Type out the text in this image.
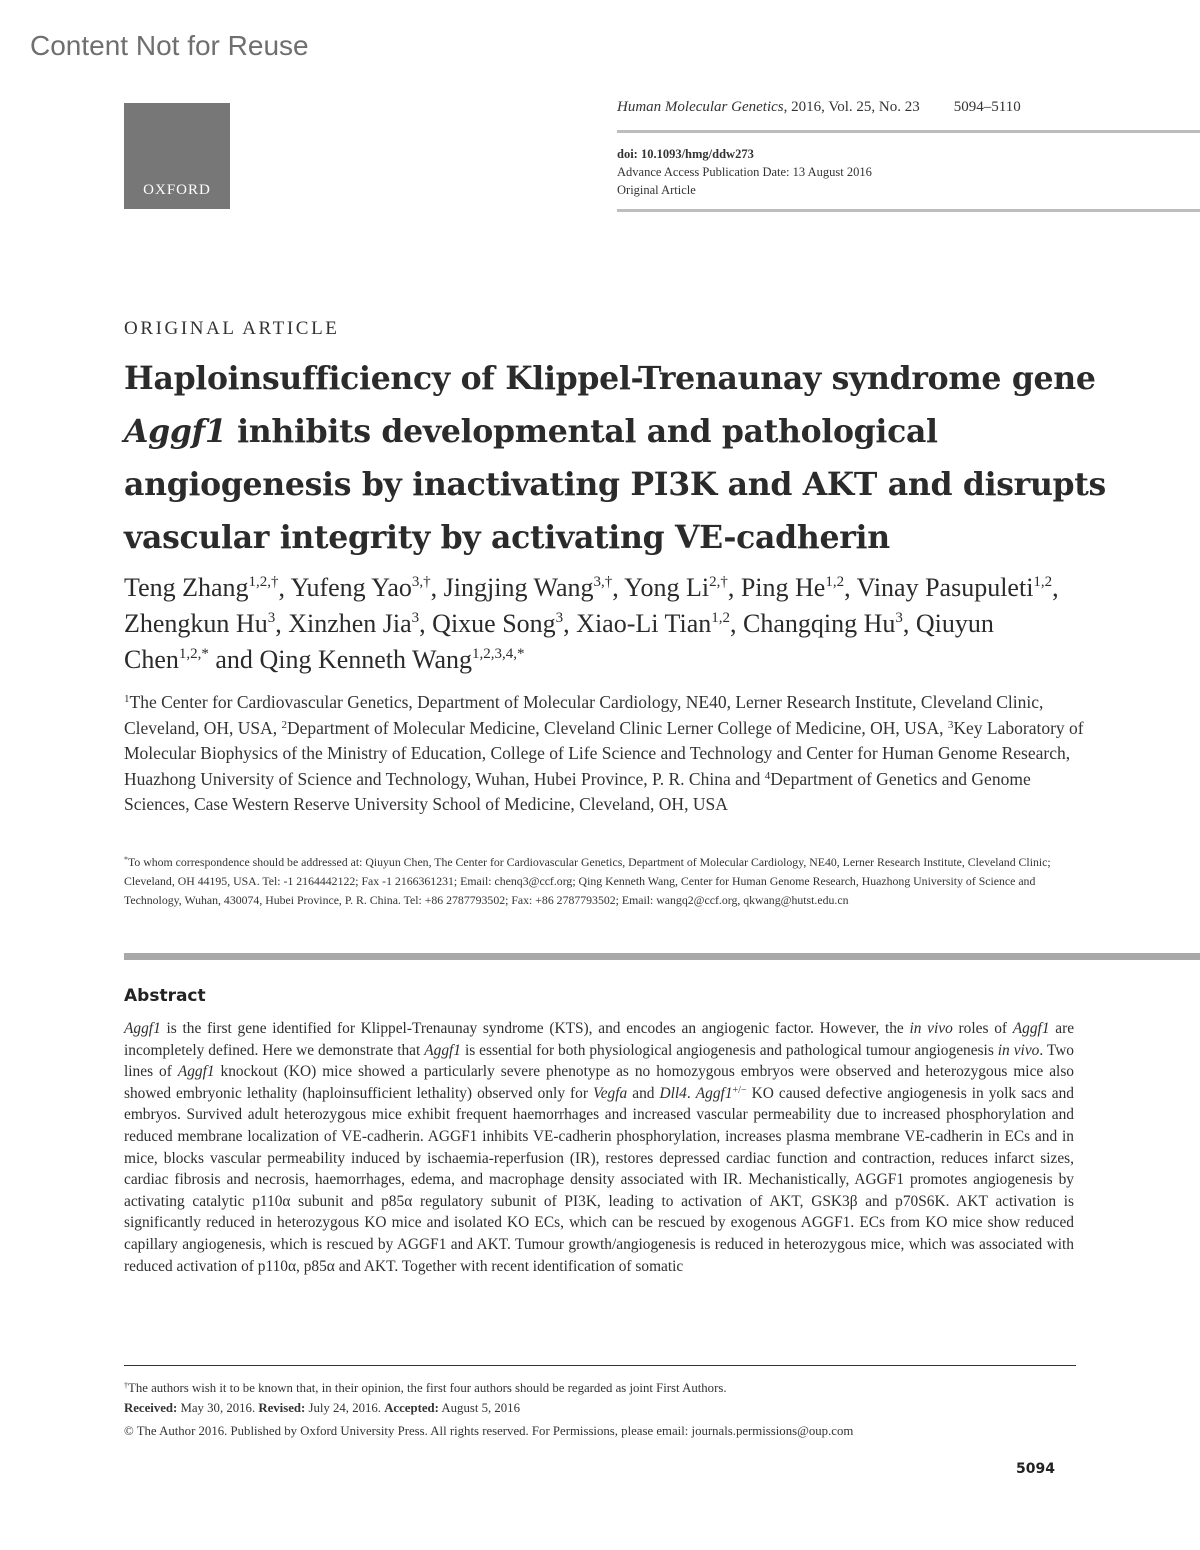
Content Not for Reuse
OXFORD
Human Molecular Genetics, 2016, Vol. 25, No. 23 5094–5110
doi: 10.1093/hmg/ddw273
Advance Access Publication Date: 13 August 2016
Original Article
ORIGINAL ARTICLE
Haploinsufficiency of Klippel-Trenaunay syndrome gene Aggf1 inhibits developmental and pathological angiogenesis by inactivating PI3K and AKT and disrupts vascular integrity by activating VE-cadherin
Teng Zhang$^{1,2,\dagger}$, Yufeng Yao$^{3,\dagger}$, Jingjing Wang$^{3,\dagger}$, Yong $Li^{2,\dagger}$, Ping He$^{1,2}$, Vinay Pasupuleti$^{1,2}$, Zhengkun Hu$^3$, Xinzhen Jia$^3$, Qixue Song$^3$, Xiao-Li Tian$^{1,2}$, Changqing Hu$^3$, Qiuyun Chen$^{1,2,*}$ and Qing Kenneth Wang$^{1,2,3,4,*}$
$^1$The Center for Cardiovascular Genetics, Department of Molecular Cardiology, NE40, Lerner Research Institute, Cleveland Clinic, Cleveland, OH, USA, $^2$Department of Molecular Medicine, Cleveland Clinic Lerner College of Medicine, OH, USA, $^3$Key Laboratory of Molecular Biophysics of the Ministry of Education, College of Life Science and Technology and Center for Human Genome Research, Huazhong University of Science and Technology, Wuhan, Hubei Province, P. R. China and $^4$Department of Genetics and Genome Sciences, Case Western Reserve University School of Medicine, Cleveland, OH, USA
*To whom correspondence should be addressed at: Qiuyun Chen, The Center for Cardiovascular Genetics, Department of Molecular Cardiology, NE40, Lerner Research Institute, Cleveland Clinic; Cleveland, OH 44195, USA. Tel: -1 2164442122; Fax -1 2166361231; Email: chenq3@ccf.org; Qing Kenneth Wang, Center for Human Genome Research, Huazhong University of Science and Technology, Wuhan, 430074, Hubei Province, P. R. China. Tel: +86 2787793502; Fax: +86 2787793502; Email: wangq2@ccf.org, qkwang@hutst.edu.cn
Abstract
Aggf1 is the first gene identified for Klippel-Trenaunay syndrome (KTS), and encodes an angiogenic factor. However, the in vivo roles of Aggf1 are incompletely defined. Here we demonstrate that Aggf1 is essential for both physiological angiogenesis and pathological tumour angiogenesis in vivo. Two lines of Aggf1 knockout (KO) mice showed a particularly severe phenotype as no homozygous embryos were observed and heterozygous mice also showed embryonic lethality (haploinsufficient lethality) observed only for Vegfa and Dll4. Aggf1+/− KO caused defective angiogenesis in yolk sacs and embryos. Survived adult heterozygous mice exhibit frequent haemorrhages and increased vascular permeability due to increased phosphorylation and reduced membrane localization of VE-cadherin. AGGF1 inhibits VE-cadherin phosphorylation, increases plasma membrane VE-cadherin in ECs and in mice, blocks vascular permeability induced by ischaemia-reperfusion (IR), restores depressed cardiac function and contraction, reduces infarct sizes, cardiac fibrosis and necrosis, haemorrhages, edema, and macrophage density associated with IR. Mechanistically, AGGF1 promotes angiogenesis by activating catalytic p110α subunit and p85α regulatory subunit of PI3K, leading to activation of AKT, GSK3β and p70S6K. AKT activation is significantly reduced in heterozygous KO mice and isolated KO ECs, which can be rescued by exogenous AGGF1. ECs from KO mice show reduced capillary angiogenesis, which is rescued by AGGF1 and AKT. Tumour growth/angiogenesis is reduced in heterozygous mice, which was associated with reduced activation of p110α, p85α and AKT. Together with recent identification of somatic
†The authors wish it to be known that, in their opinion, the first four authors should be regarded as joint First Authors.
Received: May 30, 2016. Revised: July 24, 2016. Accepted: August 5, 2016
© The Author 2016. Published by Oxford University Press. All rights reserved. For Permissions, please email: journals.permissions@oup.com
5094
